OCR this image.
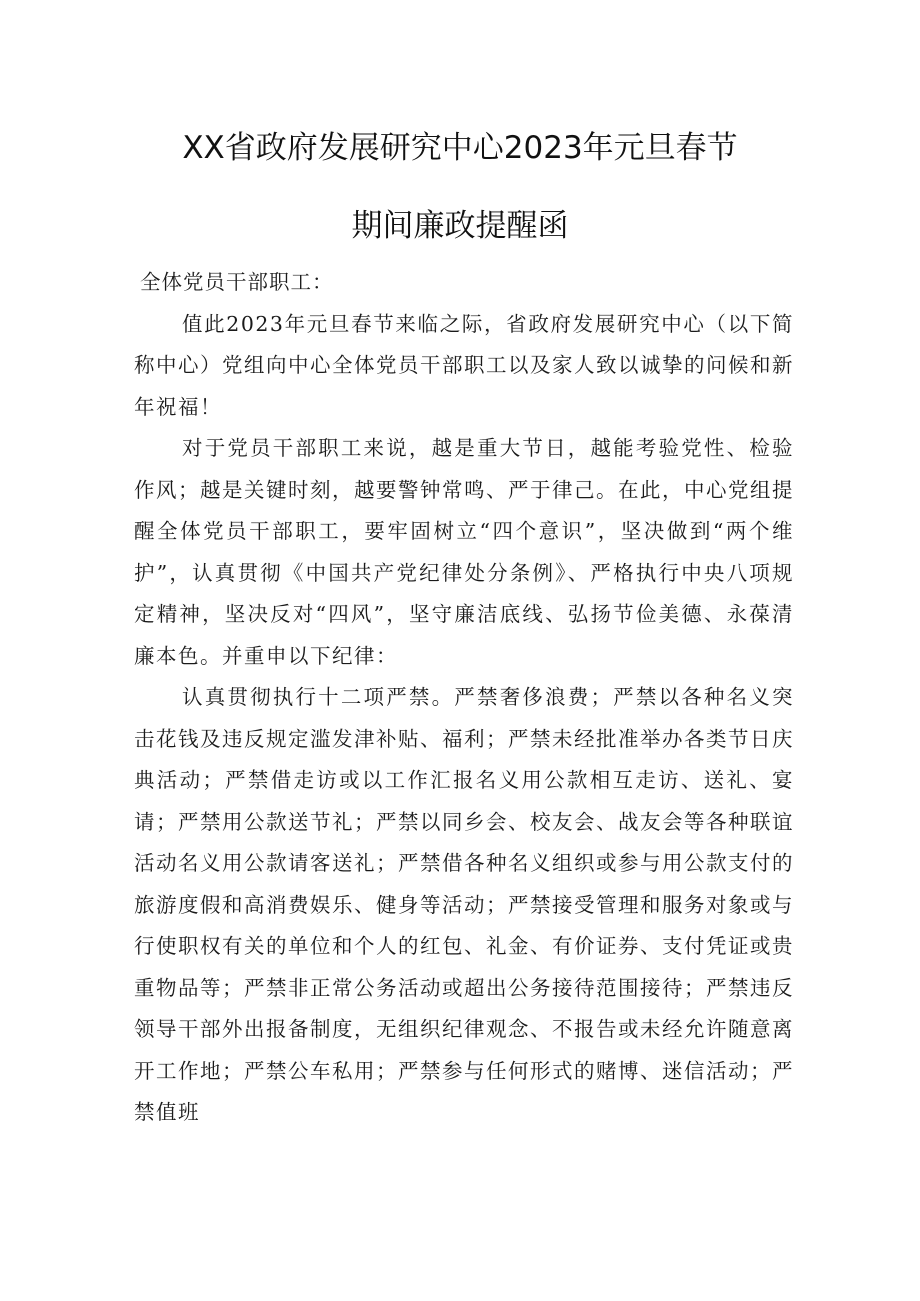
XX省政府发展研究中心2023年元旦春节
期间廉政提醒函

全体党员干部职工：

值此2023年元旦春节来临之际，省政府发展研究中心（以下简称中心）党组向中心全体党员干部职工以及家人致以诚挚的问候和新年祝福！

对于党员干部职工来说，越是重大节日，越能考验党性、检验作风；越是关键时刻，越要警钟常鸣、严于律己。在此，中心党组提醒全体党员干部职工，要牢固树立“四个意识”，坚决做到“两个维护”，认真贯彻《中国共产党纪律处分条例》、严格执行中央八项规定精神，坚决反对“四风”，坚守廉洁底线、弘扬节俭美德、永葆清廉本色。并重申以下纪律：

认真贯彻执行十二项严禁。严禁奢侈浪费；严禁以各种名义突击花钱及违反规定滥发津补贴、福利；严禁未经批准举办各类节日庆典活动；严禁借走访或以工作汇报名义用公款相互走访、送礼、宴请；严禁用公款送节礼；严禁以同乡会、校友会、战友会等各种联谊活动名义用公款请客送礼；严禁借各种名义组织或参与用公款支付的旅游度假和高消费娱乐、健身等活动；严禁接受管理和服务对象或与行使职权有关的单位和个人的红包、礼金、有价证券、支付凭证或贵重物品等；严禁非正常公务活动或超出公务接待范围接待；严禁违反领导干部外出报备制度，无组织纪律观念、不报告或未经允许随意离开工作地；严禁公车私用；严禁参与任何形式的赌博、迷信活动；严禁值班
